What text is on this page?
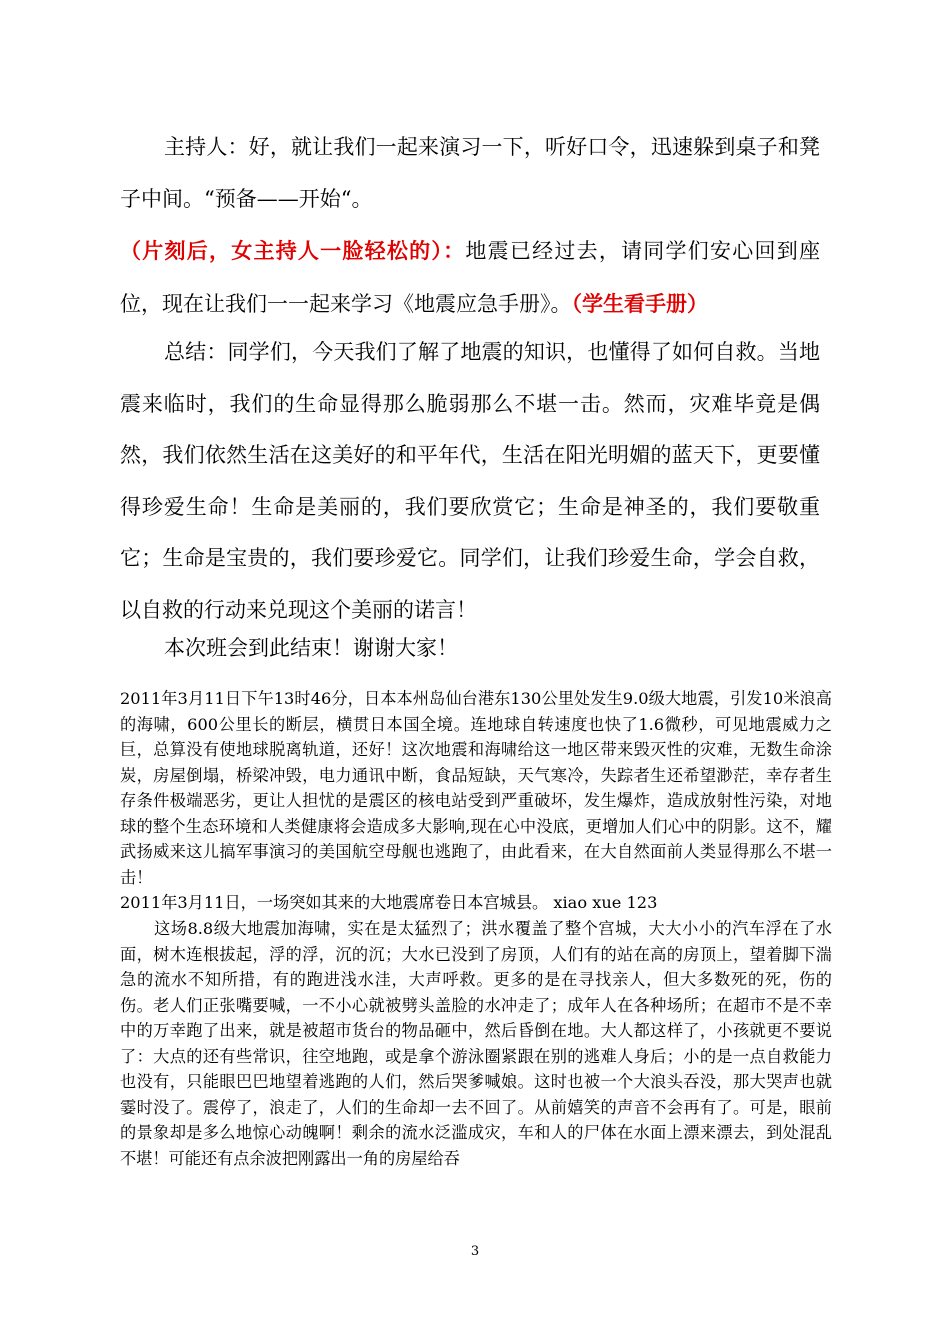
主持人：好，就让我们一起来演习一下，听好口令，迅速躲到桌子和凳子中间。“预备——开始“。

（片刻后，女主持人一脸轻松的）：地震已经过去，请同学们安心回到座位，现在让我们一一起来学习《地震应急手册》。（学生看手册）

总结：同学们，今天我们了解了地震的知识，也懂得了如何自救。当地震来临时，我们的生命显得那么脆弱那么不堪一击。然而，灾难毕竟是偶然，我们依然生活在这美好的和平年代，生活在阳光明媚的蓝天下，更要懂得珍爱生命！生命是美丽的，我们要欣赏它；生命是神圣的，我们要敬重它；生命是宝贵的，我们要珍爱它。同学们，让我们珍爱生命，学会自救，以自救的行动来兑现这个美丽的诺言！

本次班会到此结束！谢谢大家！

2011年3月11日下午13时46分，日本本州岛仙台港东130公里处发生9.0级大地震，引发10米浪高的海啸，600公里长的断层，横贯日本国全境。连地球自转速度也快了1.6微秒，可见地震威力之巨，总算没有使地球脱离轨道，还好！这次地震和海啸给这一地区带来毁灭性的灾难，无数生命涂炭，房屋倒塌，桥梁冲毁，电力通讯中断，食品短缺，天气寒冷，失踪者生还希望渺茫，幸存者生存条件极端恶劣，更让人担忧的是震区的核电站受到严重破坏，发生爆炸，造成放射性污染，对地球的整个生态环境和人类健康将会造成多大影响,现在心中没底，更增加人们心中的阴影。这不，耀武扬威来这儿搞军事演习的美国航空母舰也逃跑了，由此看来，在大自然面前人类显得那么不堪一击！

2011年3月11日，一场突如其来的大地震席卷日本宫城县。 xiao xue 123

这场8.8级大地震加海啸，实在是太猛烈了；洪水覆盖了整个宫城，大大小小的汽车浮在了水面，树木连根拔起，浮的浮，沉的沉；大水已没到了房顶，人们有的站在高的房顶上，望着脚下湍急的流水不知所措，有的跑进浅水洼，大声呼救。更多的是在寻找亲人，但大多数死的死，伤的伤。老人们正张嘴要喊，一不小心就被劈头盖脸的水冲走了；成年人在各种场所；在超市不是不幸中的万幸跑了出来，就是被超市货台的物品砸中，然后昏倒在地。大人都这样了，小孩就更不要说了：大点的还有些常识，往空地跑，或是拿个游泳圈紧跟在别的逃难人身后；小的是一点自救能力也没有，只能眼巴巴地望着逃跑的人们，然后哭爹喊娘。这时也被一个大浪头吞没，那大哭声也就霎时没了。震停了，浪走了，人们的生命却一去不回了。从前嬉笑的声音不会再有了。可是，眼前的景象却是多么地惊心动魄啊！剩余的流水泛滥成灾，车和人的尸体在水面上漂来漂去，到处混乱不堪！可能还有点余波把刚露出一角的房屋给吞

3
